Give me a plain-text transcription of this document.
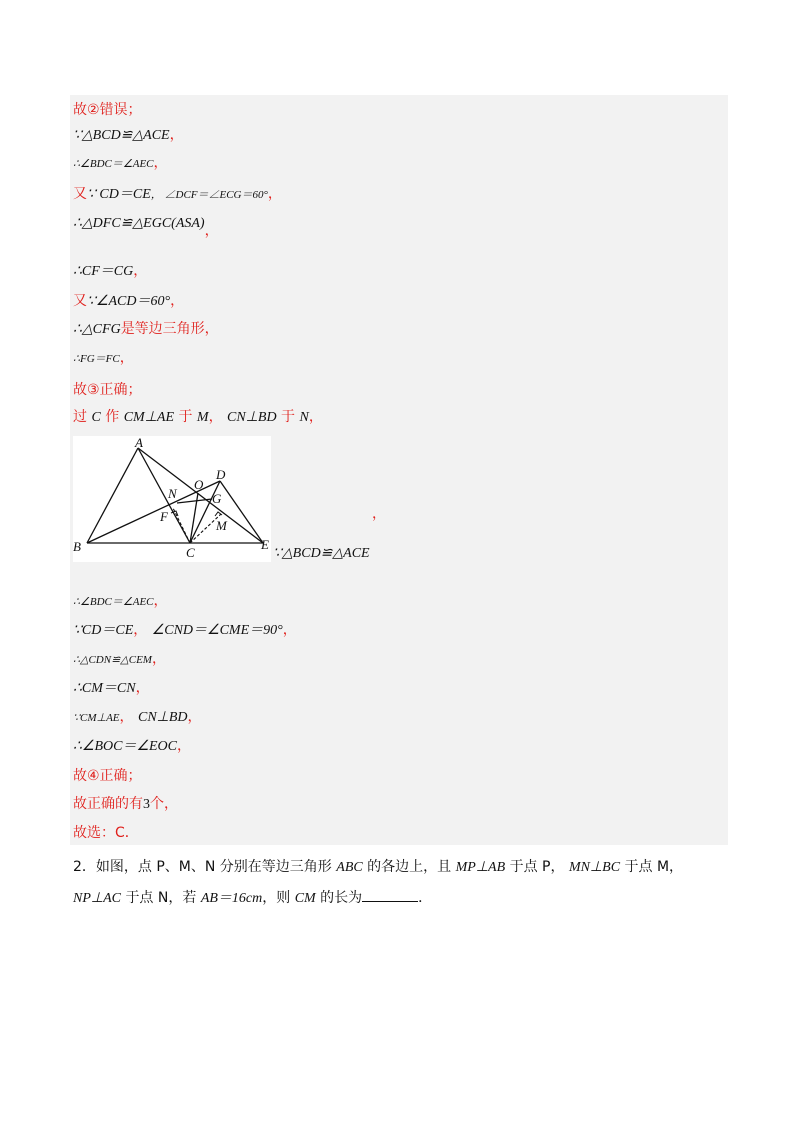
故②错误；
∵△BCD≌△ACE，
∴∠BDC＝∠AEC，
又∵ CD＝CE， ∠DCF＝∠ECG＝60°，
∴△DFC≌△EGC(ASA)，
∴CF＝CG，
又∵∠ACD＝60°，
∴△CFG是等边三角形，
∴FG＝FC，
故③正确；
过 C 作 CM⊥AE 于 M， CN⊥BD 于 N，
A
B	C
D
E
F
G
M
N
O
，
∵△BCD≌△ACE
∴∠BDC＝∠AEC，
∵CD＝CE， ∠CND＝∠CME＝90°，
∴△CDN≌△CEM，
∴CM＝CN，
∵CM⊥AE， CN⊥BD，
∴∠BOC＝∠EOC，
故④正确；
故正确的有3个，
故选：C．
2．如图，点 P、M、N 分别在等边三角形 ABC 的各边上，且 MP⊥AB 于点 P， MN⊥BC 于点 M，
NP⊥AC 于点 N，若 AB＝16cm，则 CM 的长为	．
